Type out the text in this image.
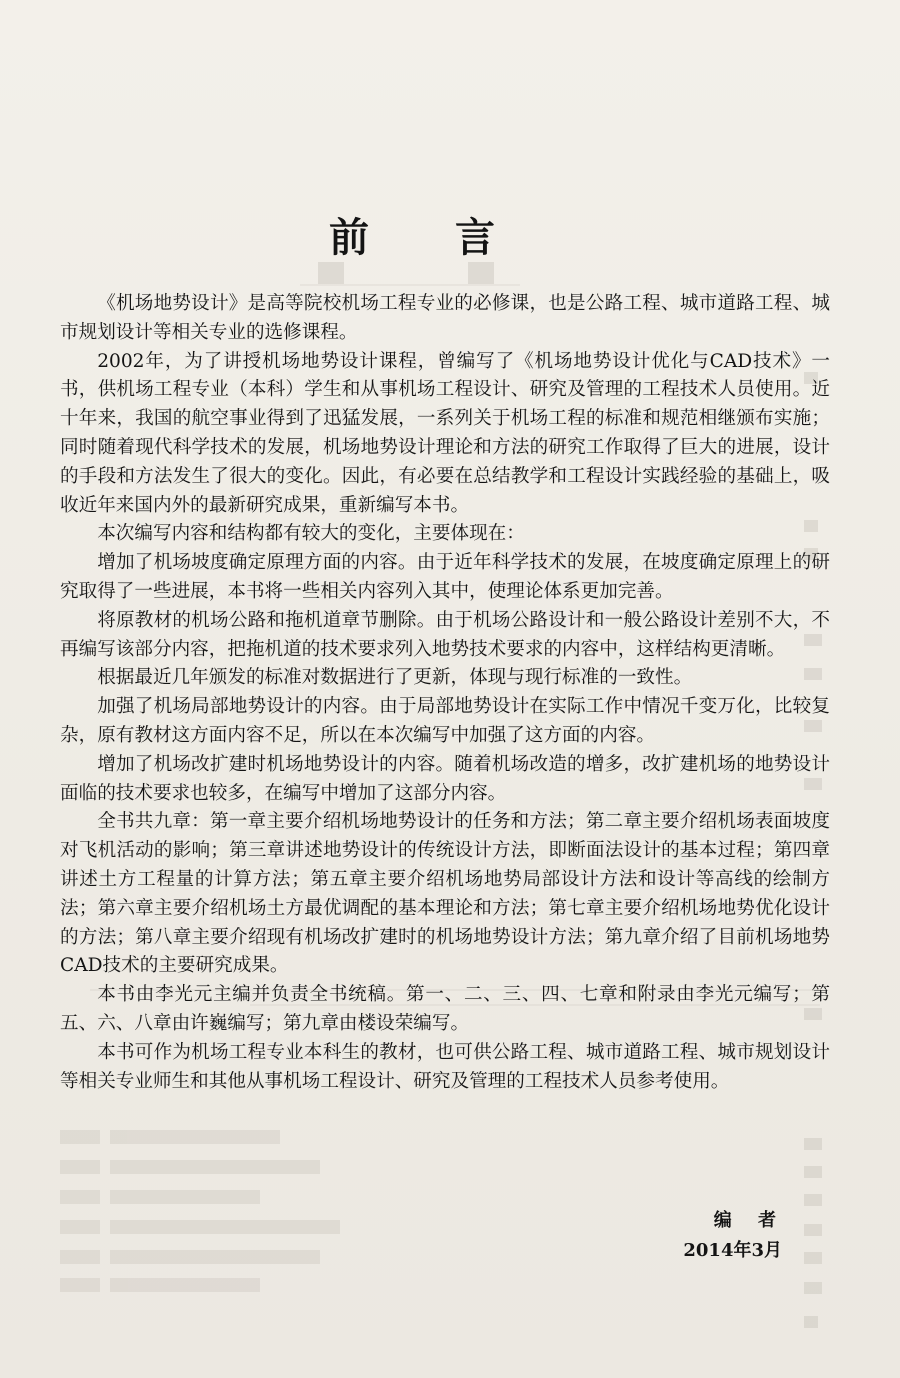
前 言

《机场地势设计》是高等院校机场工程专业的必修课，也是公路工程、城市道路工程、城市规划设计等相关专业的选修课程。

2002年，为了讲授机场地势设计课程，曾编写了《机场地势设计优化与CAD技术》一书，供机场工程专业（本科）学生和从事机场工程设计、研究及管理的工程技术人员使用。近十年来，我国的航空事业得到了迅猛发展，一系列关于机场工程的标准和规范相继颁布实施；同时随着现代科学技术的发展，机场地势设计理论和方法的研究工作取得了巨大的进展，设计的手段和方法发生了很大的变化。因此，有必要在总结教学和工程设计实践经验的基础上，吸收近年来国内外的最新研究成果，重新编写本书。

本次编写内容和结构都有较大的变化，主要体现在：

增加了机场坡度确定原理方面的内容。由于近年科学技术的发展，在坡度确定原理上的研究取得了一些进展，本书将一些相关内容列入其中，使理论体系更加完善。

将原教材的机场公路和拖机道章节删除。由于机场公路设计和一般公路设计差别不大，不再编写该部分内容，把拖机道的技术要求列入地势技术要求的内容中，这样结构更清晰。

根据最近几年颁发的标准对数据进行了更新，体现与现行标准的一致性。

加强了机场局部地势设计的内容。由于局部地势设计在实际工作中情况千变万化，比较复杂，原有教材这方面内容不足，所以在本次编写中加强了这方面的内容。

增加了机场改扩建时机场地势设计的内容。随着机场改造的增多，改扩建机场的地势设计面临的技术要求也较多，在编写中增加了这部分内容。

全书共九章：第一章主要介绍机场地势设计的任务和方法；第二章主要介绍机场表面坡度对飞机活动的影响；第三章讲述地势设计的传统设计方法，即断面法设计的基本过程；第四章讲述土方工程量的计算方法；第五章主要介绍机场地势局部设计方法和设计等高线的绘制方法；第六章主要介绍机场土方最优调配的基本理论和方法；第七章主要介绍机场地势优化设计的方法；第八章主要介绍现有机场改扩建时的机场地势设计方法；第九章介绍了目前机场地势CAD技术的主要研究成果。

本书由李光元主编并负责全书统稿。第一、二、三、四、七章和附录由李光元编写；第五、六、八章由许巍编写；第九章由楼设荣编写。

本书可作为机场工程专业本科生的教材，也可供公路工程、城市道路工程、城市规划设计等相关专业师生和其他从事机场工程设计、研究及管理的工程技术人员参考使用。

编 者
2014年3月
